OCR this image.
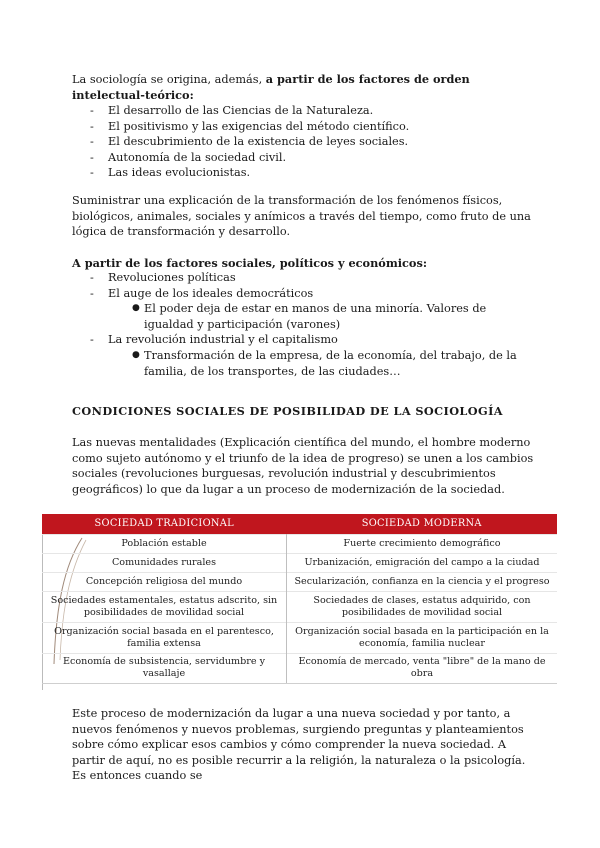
La sociología se origina, además, a partir de los factores de orden intelectual-teórico:
- El desarrollo de las Ciencias de la Naturaleza.
- El positivismo y las exigencias del método científico.
- El descubrimiento de la existencia de leyes sociales.
- Autonomía de la sociedad civil.
- Las ideas evolucionistas.
Suministrar una explicación de la transformación de los fenómenos físicos, biológicos, animales, sociales y anímicos a través del tiempo, como fruto de una lógica de transformación y desarrollo.
A partir de los factores sociales, políticos y económicos:
- Revoluciones políticas
- El auge de los ideales democráticos
● El poder deja de estar en manos de una minoría. Valores de igualdad y participación (varones)
- La revolución industrial y el capitalismo
● Transformación de la empresa, de la economía, del trabajo, de la familia, de los transportes, de las ciudades…
CONDICIONES SOCIALES DE POSIBILIDAD DE LA SOCIOLOGÍA
Las nuevas mentalidades (Explicación científica del mundo, el hombre moderno como sujeto autónomo y el triunfo de la idea de progreso) se unen a los cambios sociales (revoluciones burguesas, revolución industrial y descubrimientos geográficos) lo que da lugar a un proceso de modernización de la sociedad.
SOCIEDAD TRADICIONAL	SOCIEDAD MODERNA
Población estable	Fuerte crecimiento demográfico
Comunidades rurales	Urbanización, emigración del campo a la ciudad
Concepción religiosa del mundo	Secularización, confianza en la ciencia y el progreso
Sociedades estamentales, estatus adscrito, sin posibilidades de movilidad social	Sociedades de clases, estatus adquirido, con posibilidades de movilidad social
Organización social basada en el parentesco, familia extensa	Organización social basada en la participación en la economía, familia nuclear
Economía de subsistencia, servidumbre y vasallaje	Economía de mercado, venta "libre" de la mano de obra
Este proceso de modernización da lugar a una nueva sociedad y por tanto, a nuevos fenómenos y nuevos problemas, surgiendo preguntas y planteamientos sobre cómo explicar esos cambios y cómo comprender la nueva sociedad. A partir de aquí, no es posible recurrir a la religión, la naturaleza o la psicología. Es entonces cuando se
